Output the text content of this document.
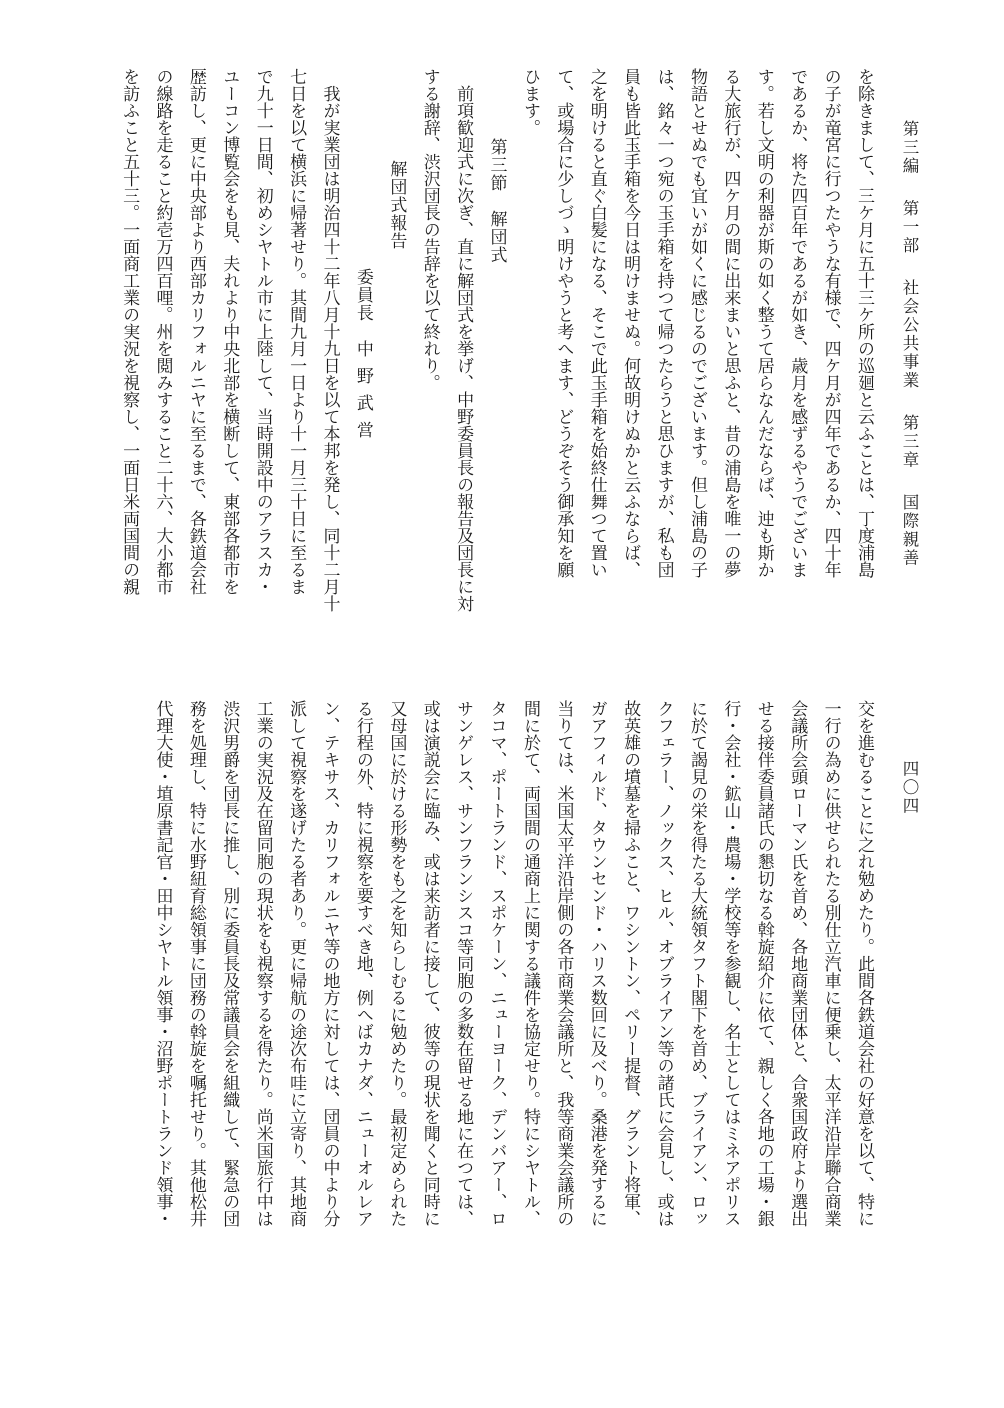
第三編第一部社会公共事業第三章国際親善
四〇四
を除きまして、三ケ月に五十三ケ所の巡廻と云ふことは、丁度浦島
の子が竜宮に行つたやうな有様で、四ケ月が四年であるか、四十年
であるか、将た四百年であるが如き、歳月を感ずるやうでございま
す。若し文明の利器が斯の如く整うて居らなんだならば、迚も斯か
る大旅行が、四ケ月の間に出来まいと思ふと、昔の浦島を唯一の夢
物語とせぬでも宜いが如くに感じるのでございます。但し浦島の子
は、銘々一つ宛の玉手箱を持つて帰つたらうと思ひますが、私も団
員も皆此玉手箱を今日は明けませぬ。何故明けぬかと云ふならば、
之を明けると直ぐ白髪になる、そこで此玉手箱を始終仕舞つて置い
て、或場合に少しづゝ明けやうと考へます、どうぞそう御承知を願
ひます。
第三節　解団式
前項歓迎式に次ぎ、直に解団式を挙げ、中野委員長の報告及団長に対
する謝辞、渋沢団長の告辞を以て終れり。
解団式報告
委員長　中野武営
我が実業団は明治四十二年八月十九日を以て本邦を発し、同十二月十
七日を以て横浜に帰著せり。其間九月一日より十一月三十日に至るま
で九十一日間、初めシヤトル市に上陸して、当時開設中のアラスカ・
ユーコン博覧会をも見、夫れより中央北部を横断して、東部各都市を
歴訪し、更に中央部より西部カリフォルニヤに至るまで、各鉄道会社
の線路を走ること約壱万四百哩。州を閲みすること二十六、大小都市
を訪ふこと五十三。一面商工業の実況を視察し、一面日米両国間の親
交を進むることに之れ勉めたり。此間各鉄道会社の好意を以て、特に
一行の為めに供せられたる別仕立汽車に便乗し、太平洋沿岸聯合商業
会議所会頭ローマン氏を首め、各地商業団体と、合衆国政府より選出
せる接伴委員諸氏の懇切なる斡旋紹介に依て、親しく各地の工場・銀
行・会社・鉱山・農場・学校等を参観し、名士としてはミネアポリス
に於て謁見の栄を得たる大統領タフト閣下を首め、ブライアン、ロッ
クフェラー、ノックス、ヒル、オブライアン等の諸氏に会見し、或は
故英雄の墳墓を掃ふこと、ワシントン、ペリー提督、グラント将軍、
ガアフィルド、タウンセンド・ハリス数回に及べり。桑港を発するに
当りては、米国太平洋沿岸側の各市商業会議所と、我等商業会議所の
間に於て、両国間の通商上に関する議件を協定せり。特にシヤトル、
タコマ、ポートランド、スポケーン、ニューヨーク、デンバアー、ロ
サンゲレス、サンフランシスコ等同胞の多数在留せる地に在つては、
或は演説会に臨み、或は来訪者に接して、彼等の現状を聞くと同時に
又母国に於ける形勢をも之を知らしむるに勉めたり。最初定められた
る行程の外、特に視察を要すべき地、例へばカナダ、ニューオルレア
ン、テキサス、カリフォルニヤ等の地方に対しては、団員の中より分
派して視察を遂げたる者あり。更に帰航の途次布哇に立寄り、其地商
工業の実況及在留同胞の現状をも視察するを得たり。尚米国旅行中は
渋沢男爵を団長に推し、別に委員長及常議員会を組織して、緊急の団
務を処理し、特に水野紐育総領事に団務の斡旋を嘱托せり。其他松井
代理大使・埴原書記官・田中シヤトル領事・沼野ポートランド領事・
